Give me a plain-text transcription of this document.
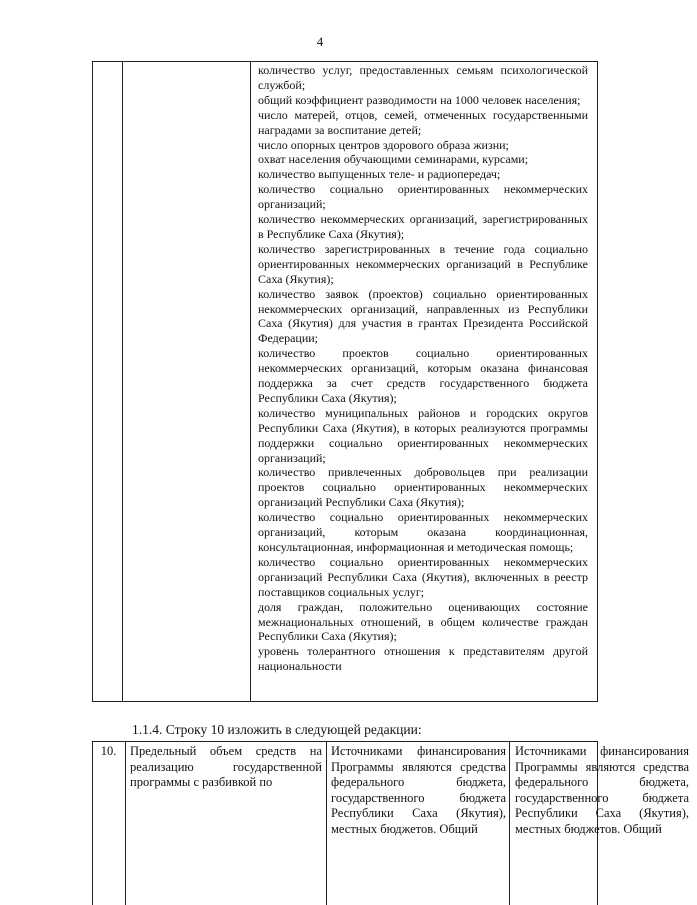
4

количество услуг, предоставленных семьям психологической службой;

общий коэффициент разводимости на 1000 человек населения;

число матерей, отцов, семей, отмеченных государственными наградами за воспитание детей;

число опорных центров здорового образа жизни;

охват населения обучающими семинарами, курсами;

количество выпущенных теле- и радиопередач;

количество социально ориентированных некоммерческих организаций;

количество некоммерческих организаций, зарегистрированных в Республике Саха (Якутия);

количество зарегистрированных в течение года социально ориентированных некоммерческих организаций в Республике Саха (Якутия);

количество заявок (проектов) социально ориентированных некоммерческих организаций, направленных из Республики Саха (Якутия) для участия в грантах Президента Российской Федерации;

количество проектов социально ориентированных некоммерческих организаций, которым оказана финансовая поддержка за счет средств государственного бюджета Республики Саха (Якутия);

количество муниципальных районов и городских округов Республики Саха (Якутия), в которых реализуются программы поддержки социально ориентированных некоммерческих организаций;

количество привлеченных добровольцев при реализации проектов социально ориентированных некоммерческих организаций Республики Саха (Якутия);

количество социально ориентированных некоммерческих организаций, которым оказана координационная, консультационная, информационная и методическая помощь;

количество социально ориентированных некоммерческих организаций Республики Саха (Якутия), включенных в реестр поставщиков социальных услуг;

доля граждан, положительно оценивающих состояние межнациональных отношений, в общем количестве граждан Республики Саха (Якутия);

уровень толерантного отношения к представителям другой национальности

1.1.4. Строку 10 изложить в следующей редакции:

10.	Предельный объем средств на реализацию государственной программы с разбивкой по

Источниками финансирования Программы являются средства федерального бюджета, государственного бюджета Республики Саха (Якутия), местных бюджетов. Общий

Источниками финансирования Программы являются средства федерального бюджета, государственного бюджета Республики Саха (Якутия), местных бюджетов. Общий
